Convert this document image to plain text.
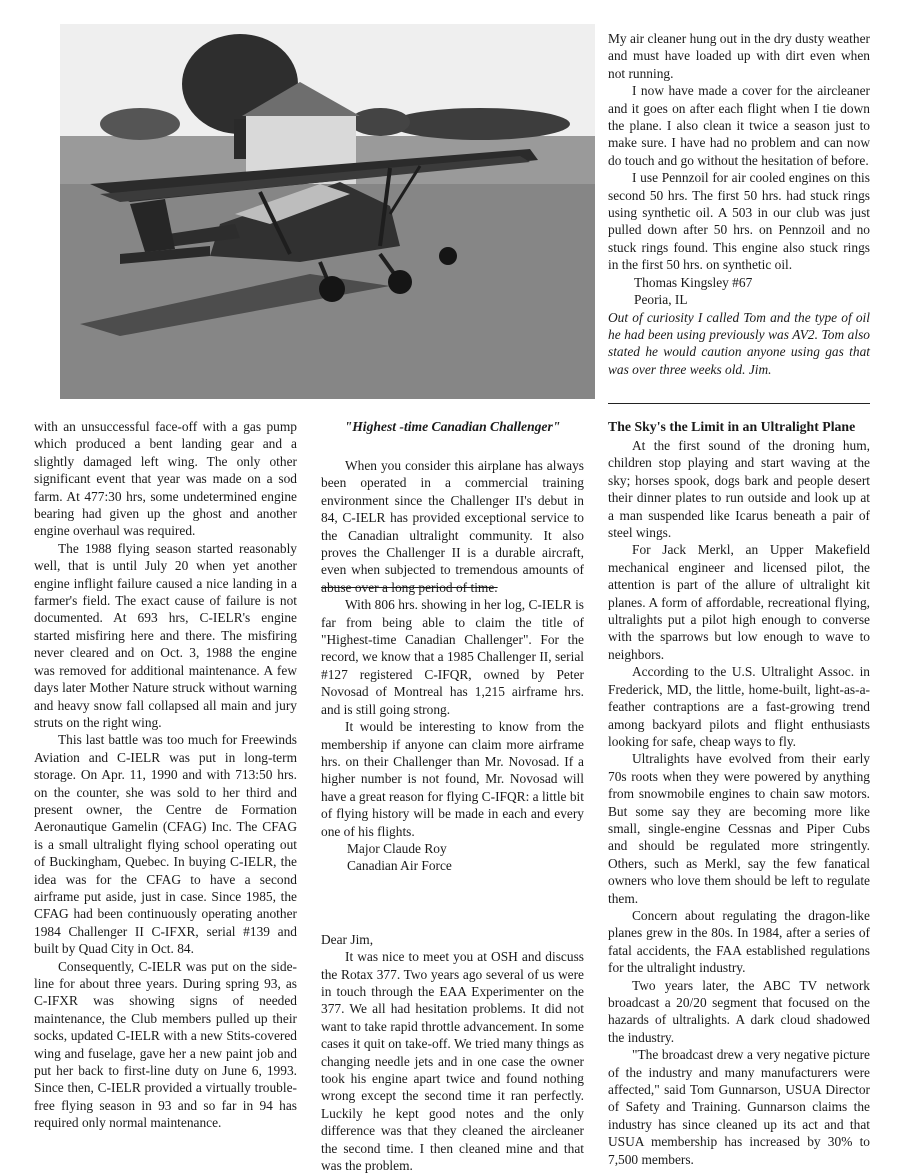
My air cleaner hung out in the dry dusty weather and must have loaded up with dirt even when not running.

I now have made a cover for the aircleaner and it goes on after each flight when I tie down the plane. I also clean it twice a season just to make sure. I have had no problem and can now do touch and go without the hesitation of before.

I use Pennzoil for air cooled engines on this second 50 hrs. The first 50 hrs. had stuck rings using synthetic oil. A 503 in our club was just pulled down after 50 hrs. on Pennzoil and no stuck rings found. This engine also stuck rings in the first 50 hrs. on synthetic oil.

Thomas Kingsley #67

Peoria, IL

Out of curiosity I called Tom and the type of oil he had been using previously was AV2. Tom also stated he would caution anyone using gas that was over three weeks old. Jim.

with an unsuccessful face-off with a gas pump which produced a bent landing gear and a slightly damaged left wing. The only other significant event that year was made on a sod farm. At 477:30 hrs, some undetermined engine bearing had given up the ghost and another engine overhaul was required.

The 1988 flying season started reasonably well, that is until July 20 when yet another engine inflight failure caused a nice landing in a farmer's field. The exact cause of failure is not documented. At 693 hrs, C-IELR's engine started misfiring here and there. The misfiring never cleared and on Oct. 3, 1988 the engine was removed for additional maintenance. A few days later Mother Nature struck without warning and heavy snow fall collapsed all main and jury struts on the right wing.

This last battle was too much for Freewinds Aviation and C-IELR was put in long-term storage. On Apr. 11, 1990 and with 713:50 hrs. on the counter, she was sold to her third and present owner, the Centre de Formation Aeronautique Gamelin (CFAG) Inc. The CFAG is a small ultralight flying school operating out of Buckingham, Quebec. In buying C-IELR, the idea was for the CFAG to have a second airframe put aside, just in case. Since 1985, the CFAG had been continuously operating another 1984 Challenger II C-IFXR, serial #139 and built by Quad City in Oct. 84.

Consequently, C-IELR was put on the side-line for about three years. During spring 93, as C-IFXR was showing signs of needed maintenance, the Club members pulled up their socks, updated C-IELR with a new Stits-covered wing and fuselage, gave her a new paint job and put her back to first-line duty on June 6, 1993. Since then, C-IELR provided a virtually trouble-free flying season in 93 and so far in 94 has required only normal maintenance.

"Highest -time Canadian Challenger"

When you consider this airplane has always been operated in a commercial training environment since the Challenger II's debut in 84, C-IELR has provided exceptional service to the Canadian ultralight community. It also proves the Challenger II is a durable aircraft, even when subjected to tremendous amounts of abuse over a long period of time.

With 806 hrs. showing in her log, C-IELR is far from being able to claim the title of "Highest-time Canadian Challenger". For the record, we know that a 1985 Challenger II, serial #127 registered C-IFQR, owned by Peter Novosad of Montreal has 1,215 airframe hrs. and is still going strong.

It would be interesting to know from the membership if anyone can claim more airframe hrs. on their Challenger than Mr. Novosad. If a higher number is not found, Mr. Novosad will have a great reason for flying C-IFQR: a little bit of flying history will be made in each and every one of his flights.

Major Claude Roy

Canadian Air Force

Dear Jim,

It was nice to meet you at OSH and discuss the Rotax 377. Two years ago several of us were in touch through the EAA Experimenter on the 377. We all had hesitation problems. It did not want to take rapid throttle advancement. In some cases it quit on take-off. We tried many things as changing needle jets and in one case the owner took his engine apart twice and found nothing wrong except the second time it ran perfectly. Luckily he kept good notes and the only difference was that they cleaned the aircleaner the second time. I then cleaned mine and that was the problem.

The Sky's the Limit in an Ultralight Plane

At the first sound of the droning hum, children stop playing and start waving at the sky; horses spook, dogs bark and people desert their dinner plates to run outside and look up at a man suspended like Icarus beneath a pair of steel wings.

For Jack Merkl, an Upper Makefield mechanical engineer and licensed pilot, the attention is part of the allure of ultralight kit planes. A form of affordable, recreational flying, ultralights put a pilot high enough to converse with the sparrows but low enough to wave to neighbors.

According to the U.S. Ultralight Assoc. in Frederick, MD, the little, home-built, light-as-a-feather contraptions are a fast-growing trend among backyard pilots and flight enthusiasts looking for safe, cheap ways to fly.

Ultralights have evolved from their early 70s roots when they were powered by anything from snowmobile engines to chain saw motors. But some say they are becoming more like small, single-engine Cessnas and Piper Cubs and should be regulated more stringently. Others, such as Merkl, say the few fanatical owners who love them should be left to regulate them.

Concern about regulating the dragon-like planes grew in the 80s. In 1984, after a series of fatal accidents, the FAA established regulations for the ultralight industry.

Two years later, the ABC TV network broadcast a 20/20 segment that focused on the hazards of ultralights. A dark cloud shadowed the industry.

"The broadcast drew a very negative picture of the industry and many manufacturers were affected," said Tom Gunnarson, USUA Director of Safety and Training. Gunnarson claims the industry has since cleaned up its act and that USUA membership has increased by 30% to 7,500 members.
